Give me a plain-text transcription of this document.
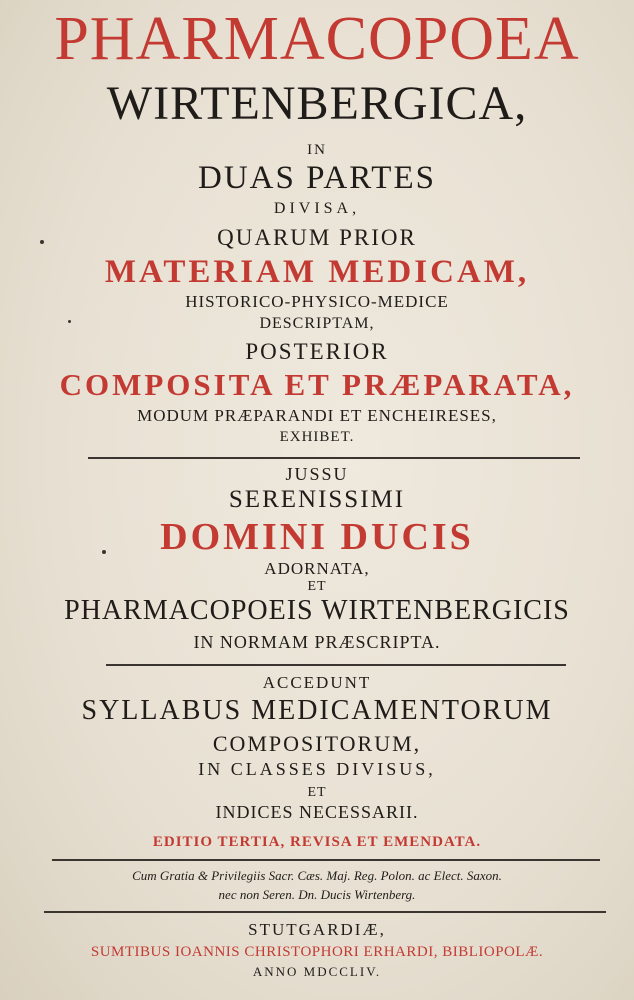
PHARMACOPOEA
WIRTENBERGICA,
IN
DUAS PARTES
DIVISA,
QUARUM PRIOR
MATERIAM MEDICAM,
HISTORICO-PHYSICO-MEDICE
DESCRIPTAM,
POSTERIOR
COMPOSITA ET PRÆPARATA,
MODUM PRÆPARANDI ET ENCHEIRESES,
EXHIBET.
JUSSU
SERENISSIMI
DOMINI DUCIS
ADORNATA,
ET
PHARMACOPOEIS WIRTENBERGICIS
IN NORMAM PRÆSCRIPTA.
ACCEDUNT
SYLLABUS MEDICAMENTORUM
COMPOSITORUM,
IN CLASSES DIVISUS,
ET
INDICES NECESSARII.
EDITIO TERTIA, REVISA ET EMENDATA.
Cum Gratia & Privilegiis Sacr. Cæs. Maj. Reg. Polon. ac Elect. Saxon.
nec non Seren. Dn. Ducis Wirtenberg.
STUTGARDIÆ,
SUMTIBUS IOANNIS CHRISTOPHORI ERHARDI, BIBLIOPOLÆ.
ANNO MDCCLIV.
